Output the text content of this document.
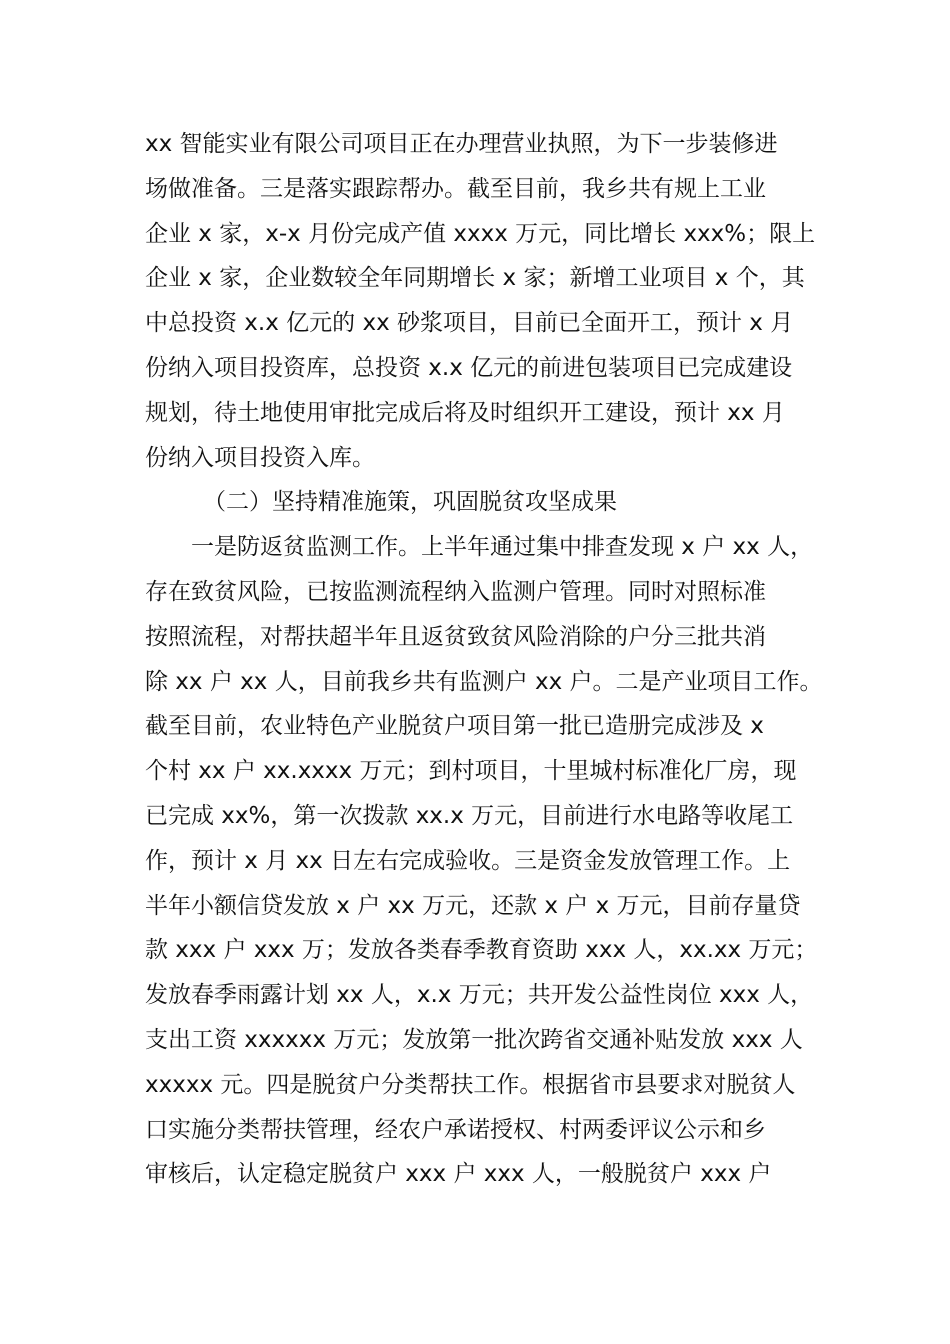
xx 智能实业有限公司项目正在办理营业执照，为下一步装修进
场做准备。三是落实跟踪帮办。截至目前，我乡共有规上工业
企业 x 家，x-x 月份完成产值 xxxx 万元，同比增长 xxx%；限上
企业 x 家，企业数较全年同期增长 x 家；新增工业项目 x 个，其
中总投资 x.x 亿元的 xx 砂浆项目，目前已全面开工，预计 x 月
份纳入项目投资库，总投资 x.x 亿元的前进包装项目已完成建设
规划，待土地使用审批完成后将及时组织开工建设，预计 xx 月
份纳入项目投资入库。
（二）坚持精准施策，巩固脱贫攻坚成果
一是防返贫监测工作。上半年通过集中排查发现 x 户 xx 人，
存在致贫风险，已按监测流程纳入监测户管理。同时对照标准
按照流程，对帮扶超半年且返贫致贫风险消除的户分三批共消
除 xx 户 xx 人，目前我乡共有监测户 xx 户。二是产业项目工作。
截至目前，农业特色产业脱贫户项目第一批已造册完成涉及 x
个村 xx 户 xx.xxxx 万元；到村项目，十里城村标准化厂房，现
已完成 xx%，第一次拨款 xx.x 万元，目前进行水电路等收尾工
作，预计 x 月 xx 日左右完成验收。三是资金发放管理工作。上
半年小额信贷发放 x 户 xx 万元，还款 x 户 x 万元，目前存量贷
款 xxx 户 xxx 万；发放各类春季教育资助 xxx 人，xx.xx 万元；
发放春季雨露计划 xx 人，x.x 万元；共开发公益性岗位 xxx 人，
支出工资 xxxxxx 万元；发放第一批次跨省交通补贴发放 xxx 人
xxxxx 元。四是脱贫户分类帮扶工作。根据省市县要求对脱贫人
口实施分类帮扶管理，经农户承诺授权、村两委评议公示和乡
审核后，认定稳定脱贫户 xxx 户 xxx 人，一般脱贫户 xxx 户
